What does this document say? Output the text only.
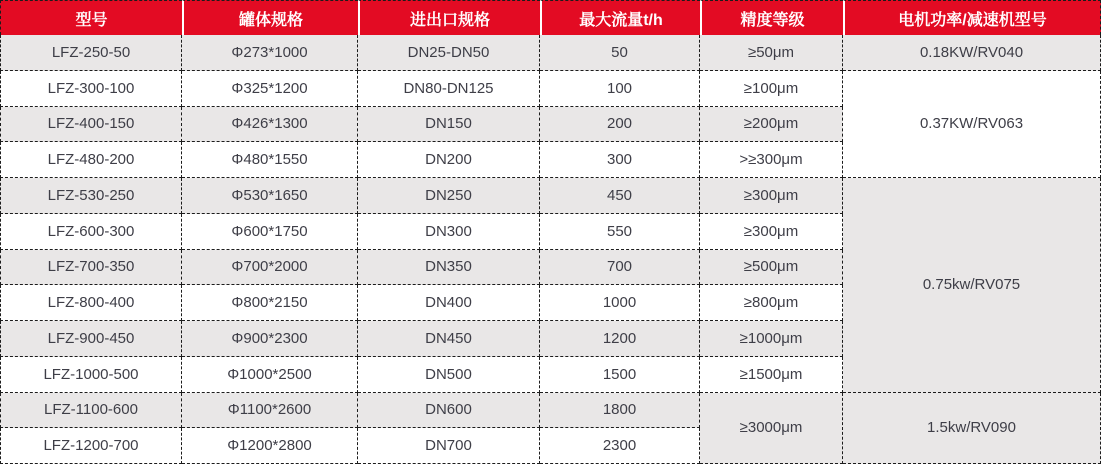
型号	罐体规格	进出口规格	最大流量t/h	精度等级	电机功率/减速机型号
LFZ-250-50	Φ273*1000	DN25-DN50	50	≥50μm	0.18KW/RV040
LFZ-300-100	Φ325*1200	DN80-DN125	100	≥100μm	0.37KW/RV063
LFZ-400-150	Φ426*1300	DN150	200	≥200μm	
LFZ-480-200	Φ480*1550	DN200	300	>≥300μm	
LFZ-530-250	Φ530*1650	DN250	450	≥300μm	0.75kw/RV075
LFZ-600-300	Φ600*1750	DN300	550	≥300μm	
LFZ-700-350	Φ700*2000	DN350	700	≥500μm	
LFZ-800-400	Φ800*2150	DN400	1000	≥800μm	
LFZ-900-450	Φ900*2300	DN450	1200	≥1000μm	
LFZ-1000-500	Φ1000*2500	DN500	1500	≥1500μm	
LFZ-1100-600	Φ1100*2600	DN600	1800	≥3000μm	1.5kw/RV090
LFZ-1200-700	Φ1200*2800	DN700	2300		
